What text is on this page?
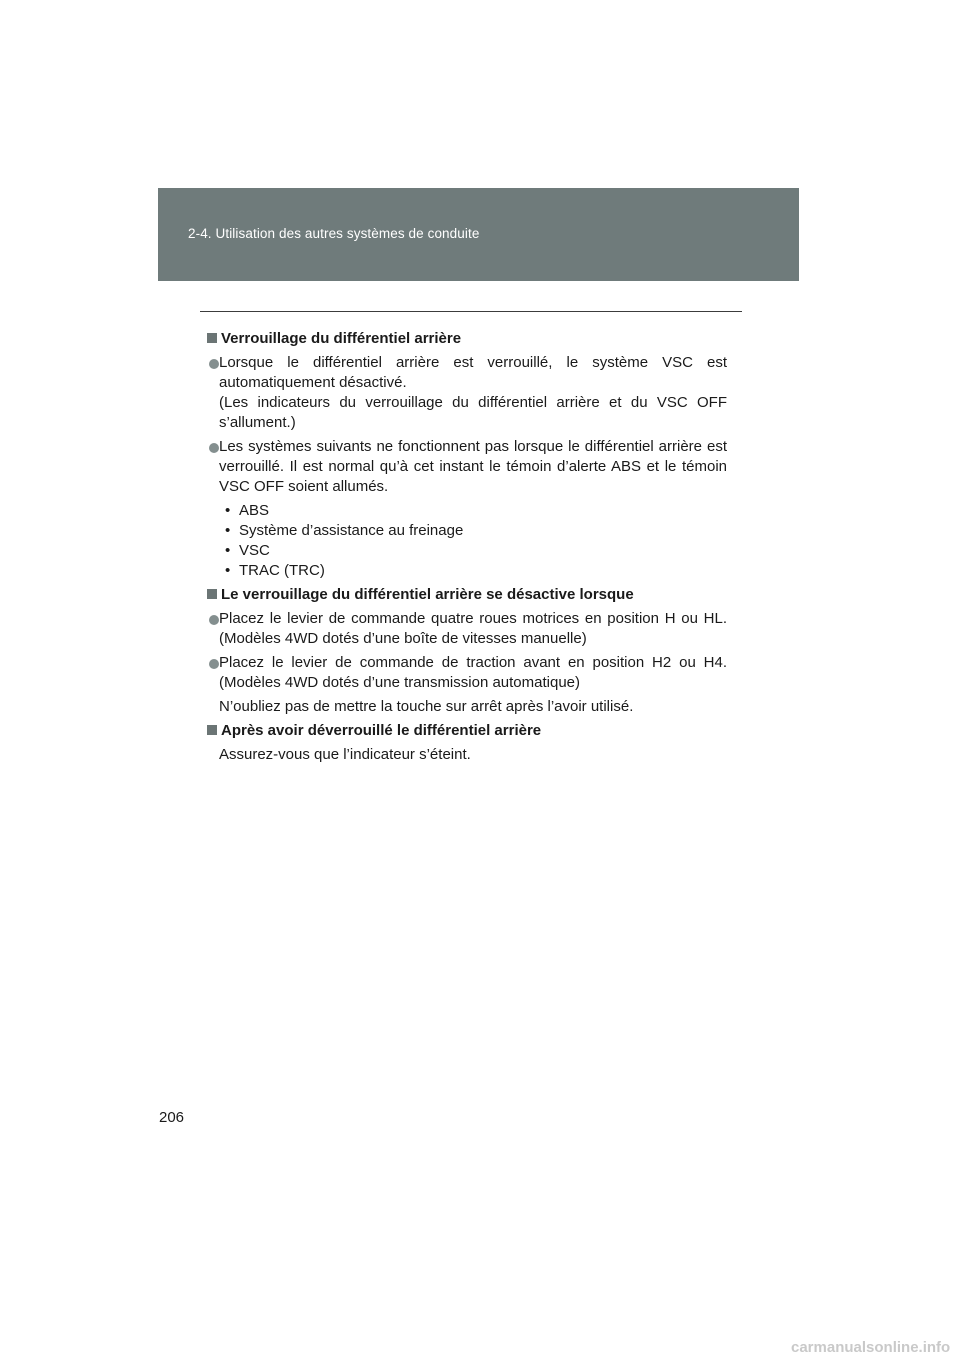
2-4. Utilisation des autres systèmes de conduite
Verrouillage du différentiel arrière
Lorsque le différentiel arrière est verrouillé, le système VSC est automatiquement désactivé.
(Les indicateurs du verrouillage du différentiel arrière et du VSC OFF s’allument.)
Les systèmes suivants ne fonctionnent pas lorsque le différentiel arrière est verrouillé. Il est normal qu’à cet instant le témoin d’alerte ABS et le témoin VSC OFF soient allumés.
• ABS
• Système d’assistance au freinage
• VSC
• TRAC (TRC)
Le verrouillage du différentiel arrière se désactive lorsque
Placez le levier de commande quatre roues motrices en position H ou HL. (Modèles 4WD dotés d’une boîte de vitesses manuelle)
Placez le levier de commande de traction avant en position H2 ou H4. (Modèles 4WD dotés d’une transmission automatique)
N’oubliez pas de mettre la touche sur arrêt après l’avoir utilisé.
Après avoir déverrouillé le différentiel arrière
Assurez-vous que l’indicateur s’éteint.
206
carmanualsonline.info
